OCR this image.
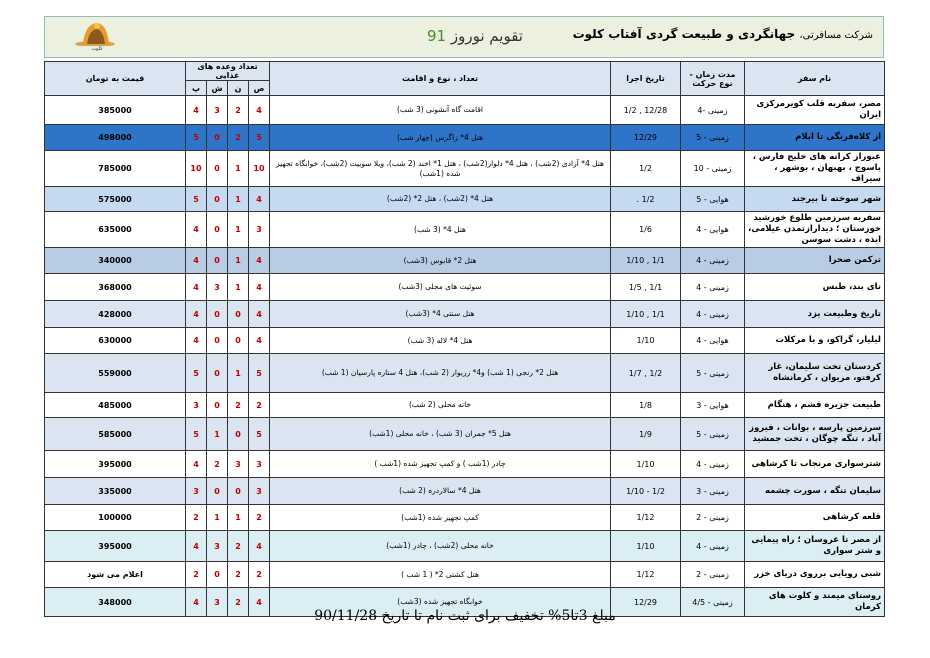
شرکت مسافرتی، جهانگردی و طبیعت گردی آفتاب کلوت
تقویم نوروز 91
کلوت
نام سفر	مدت زمان - نوع حرکت	تاریخ اجرا	تعداد ، نوع و اقامت	تعداد وعده های غذایی				قیمت به تومان
				ص	ن	ش	پ	
مصر، سفربه قلب کویرمرکزی ایران	زمینی -4	12/28 , 1/2	اقامت گاه آنشونی (3 شب)	4	2	3	4	385000
از کلاه‌فرنگی تا ایلام	زمینی - 5	12/29	هتل 4* زاگرس (چهار شب)	5	2	0	5	498000
عبوراز کرانه های خلیج فارس ، یاسوج ، بهبهان ، بوشهر ، سیراف	زمینی - 10	1/2	هتل 4* آزادی (2شب) ، هتل 4* دلوار(2شب) ، هتل 1* اخند (2 شب)، ویلا سوییت (2شب)، خوابگاه تجهیز شده (1شب)	10	1	0	10	785000
شهر سوخته تا بیرجند	هوایی - 5	1/2 .	هتل 4* (2شب) ، هتل 2* (2شب)	4	1	0	5	575000
سفربه سرزمین طلوع خورشید خوزستان ؛ دیدارازتمدن عیلامی، ایذه ، دشت سوسن	هوایی - 4	1/6	هتل 4* (3 شب)	3	1	0	4	635000
ترکمن صحرا	زمینی - 4	1/1 , 1/10	هتل 2* قابوس (3شب)	4	1	0	4	340000
نای بند، طبس	زمینی - 4	1/1 , 1/5	سوئیت های محلی (3شب)	4	1	3	4	368000
تاریخ وطبیعت یزد	زمینی - 4	1/1 , 1/10	هتل سنتی 4* (3شب)	4	0	0	4	428000
لیلیار، گراکو، و با مرکلات	هوایی - 4	1/10	هتل 4* لاله (3 شب)	4	0	0	4	630000
کردستان تخت سلیمان، غار کرفتو، مریوان ، کرمانشاه	زمینی - 5	1/2 , 1/7	هتل 2* رنجی (1 شب) و4* زریوار (2 شب)، هتل 4 ستاره پارسیان (1 شب)	5	1	0	5	559000
طبیعت جزیره قشم ، هنگام	هوایی - 3	1/8	خانه محلی (2 شب)	2	2	0	3	485000
سرزمین پارسه ، بوانات ، فیروز آباد ، تنگه چوگان ، تخت جمشید	زمینی - 5	1/9	هتل 5* جمران (3 شب) ، خانه محلی (1شب)	5	0	1	5	585000
شترسواری مرنجاب تا کرشاهی	زمینی - 4	1/10	چادر (1شب ) و کمپ تجهیز شده (1شب )	3	3	2	4	395000
سلیمان تنگه ، سورت چشمه	زمینی - 3	1/2 - 1/10	هتل 4* سالاردره (2 شب)	3	0	0	3	335000
قلعه کرشاهی	زمینی - 2	1/12	کمپ تجهیز شده (1شب)	2	1	1	2	100000
از مصر تا عروسان ؛ راه پیمایی و شتر سواری	زمینی - 4	1/10	خانه محلی (2شب) ، چادر (1شب)	4	2	3	4	395000
شبی رویایی برروی دریای خزر	زمینی - 2	1/12	هتل کشتی 2* ( 1 شب )	2	2	0	2	اعلام می شود
روستای میمند و کلوت های کرمان	زمینی - 4/5	12/29	خوابگاه تجهیز شده (3شب)	4	2	3	4	348000
مبلغ 3تا5% تخفیف برای ثبت نام تا تاریخ 90/11/28
